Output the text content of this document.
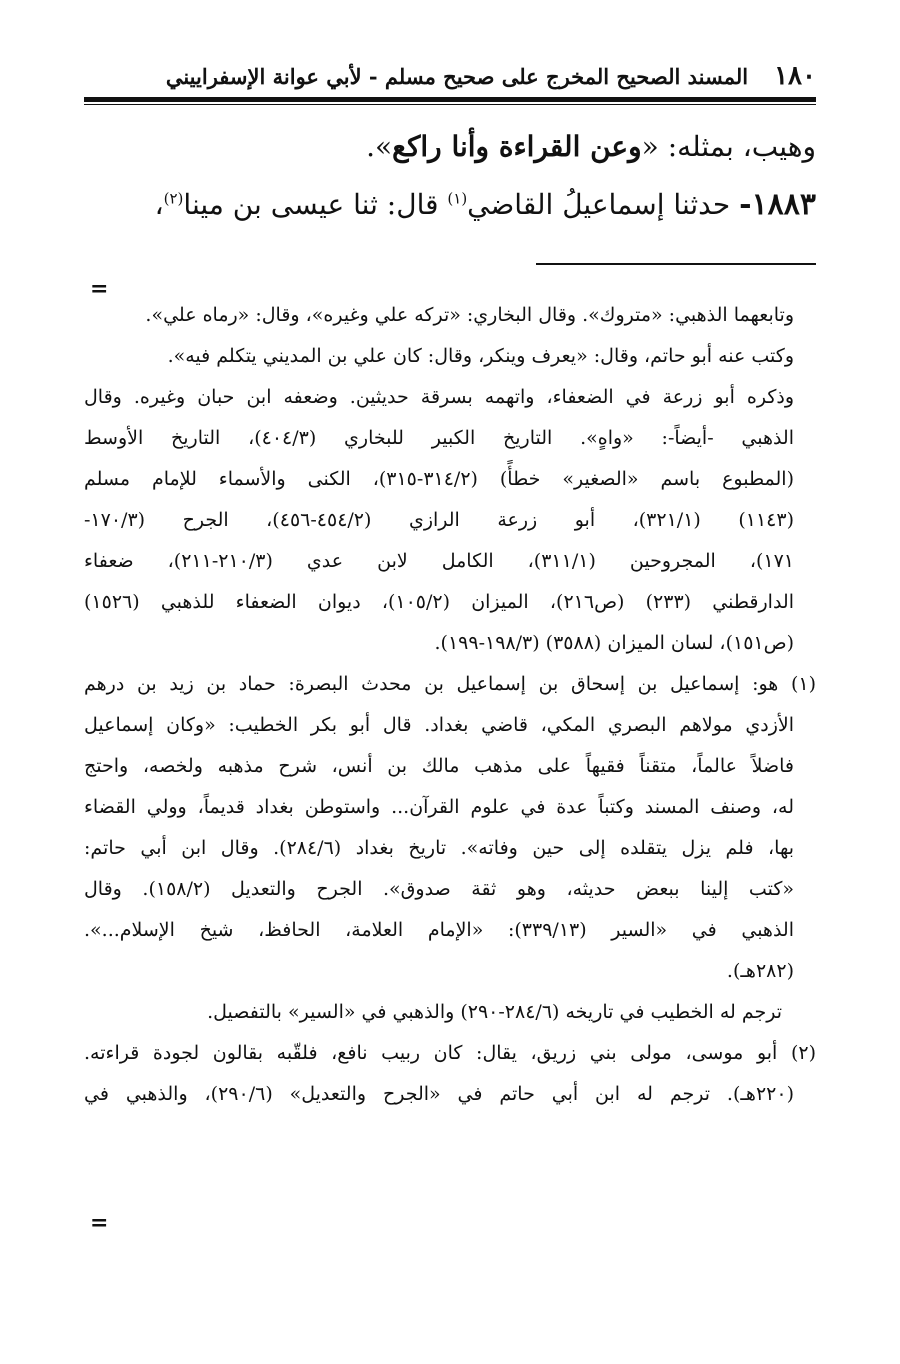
١٨٠
المسند الصحيح المخرج على صحيح مسلم - لأبي عوانة الإسفراييني
وهيب، بمثله: «وعن القراءة وأنا راكع».
١٨٨٣- حدثنا إسماعيلُ القاضي$^{(١)}$ قال: ثنا عيسى بن مينا$^{(٢)}$،
=
وتابعهما الذهبي: «متروك». وقال البخاري: «تركه علي وغيره»، وقال: «رماه علي».
وكتب عنه أبو حاتم، وقال: «يعرف وينكر، وقال: كان علي بن المديني يتكلم فيه».
وذكره أبو زرعة في الضعفاء، واتهمه بسرقة حديثين. وضعفه ابن حبان وغيره. وقال
الذهبي -أيضاً-: «واهٍ». التاريخ الكبير للبخاري (٤٠٤/٣)، التاريخ الأوسط
(المطبوع باسم «الصغير» خطأً) (٣١٤/٢-٣١٥)، الكنى والأسماء للإمام مسلم
(١١٤٣) (٣٢١/١)، أبو زرعة الرازي (٤٥٤/٢-٤٥٦)، الجرح (١٧٠/٣-
١٧١)، المجروحين (٣١١/١)، الكامل لابن عدي (٢١٠/٣-٢١١)، ضعفاء
الدارقطني (٢٣٣) (ص٢١٦)، الميزان (١٠٥/٢)، ديوان الضعفاء للذهبي (١٥٢٦)
(ص١٥١)، لسان الميزان (٣٥٨٨) (١٩٨/٣-١٩٩).
(١) هو: إسماعيل بن إسحاق بن إسماعيل بن محدث البصرة: حماد بن زيد بن درهم
الأزدي مولاهم البصري المكي، قاضي بغداد. قال أبو بكر الخطيب: «وكان إسماعيل
فاضلاً عالماً، متقناً فقيهاً على مذهب مالك بن أنس، شرح مذهبه ولخصه، واحتج
له، وصنف المسند وكتباً عدة في علوم القرآن... واستوطن بغداد قديماً، وولي القضاء
بها، فلم يزل يتقلده إلى حين وفاته». تاريخ بغداد (٢٨٤/٦). وقال ابن أبي حاتم:
«كتب إلينا ببعض حديثه، وهو ثقة صدوق». الجرح والتعديل (١٥٨/٢). وقال
الذهبي في «السير (٣٣٩/١٣): «الإمام العلامة، الحافظ، شيخ الإسلام...».
(٢٨٢هـ).
ترجم له الخطيب في تاريخه (٢٨٤/٦-٢٩٠) والذهبي في «السير» بالتفصيل.
(٢) أبو موسى، مولى بني زريق، يقال: كان ربيب نافع، فلقّبه بقالون لجودة قراءته.
(٢٢٠هـ). ترجم له ابن أبي حاتم في «الجرح والتعديل» (٢٩٠/٦)، والذهبي في
=
